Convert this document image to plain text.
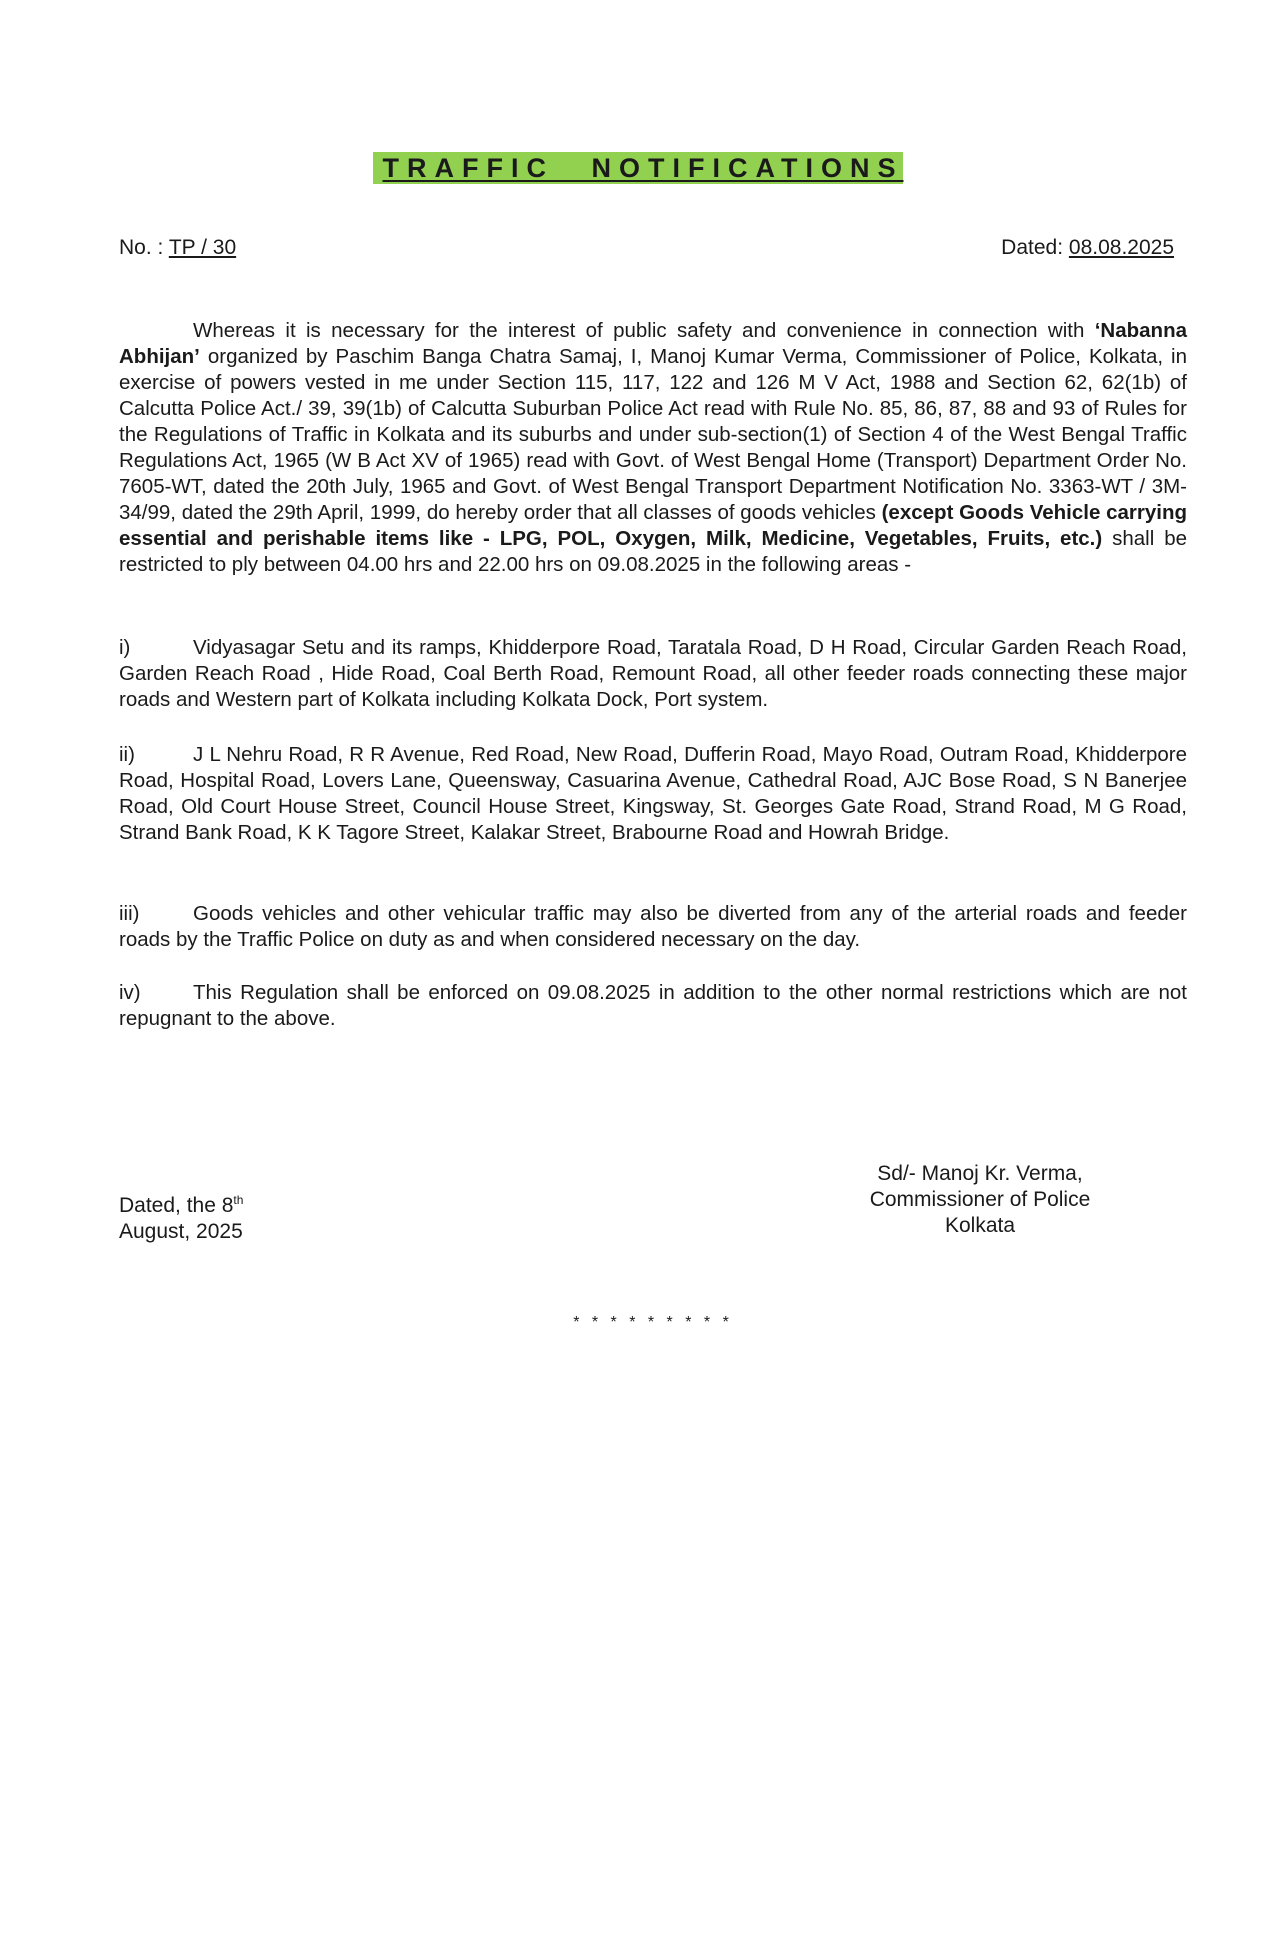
TRAFFIC NOTIFICATIONS
No. : TP / 30	Dated: 08.08.2025
Whereas it is necessary for the interest of public safety and convenience in connection with ‘Nabanna Abhijan’ organized by Paschim Banga Chatra Samaj, I, Manoj Kumar Verma, Commissioner of Police, Kolkata, in exercise of powers vested in me under Section 115, 117, 122 and 126 M V Act, 1988 and Section 62, 62(1b) of Calcutta Police Act./ 39, 39(1b) of Calcutta Suburban Police Act read with Rule No. 85, 86, 87, 88 and 93 of Rules for the Regulations of Traffic in Kolkata and its suburbs and under sub-section(1) of Section 4 of the West Bengal Traffic Regulations Act, 1965 (W B Act XV of 1965) read with Govt. of West Bengal Home (Transport) Department Order No. 7605-WT, dated the 20th July, 1965 and Govt. of West Bengal Transport Department Notification No. 3363-WT / 3M- 34/99, dated the 29th April, 1999, do hereby order that all classes of goods vehicles (except Goods Vehicle carrying essential and perishable items like - LPG, POL, Oxygen, Milk, Medicine, Vegetables, Fruits, etc.) shall be restricted to ply between 04.00 hrs and 22.00 hrs on 09.08.2025 in the following areas -
i)	Vidyasagar Setu and its ramps, Khidderpore Road, Taratala Road, D H Road, Circular Garden Reach Road, Garden Reach Road , Hide Road, Coal Berth Road, Remount Road, all other feeder roads connecting these major roads and Western part of Kolkata including Kolkata Dock, Port system.
ii)	J L Nehru Road, R R Avenue, Red Road, New Road, Dufferin Road, Mayo Road, Outram Road, Khidderpore Road, Hospital Road, Lovers Lane, Queensway, Casuarina Avenue, Cathedral Road, AJC Bose Road, S N Banerjee Road, Old Court House Street, Council House Street, Kingsway, St. Georges Gate Road, Strand Road, M G Road, Strand Bank Road, K K Tagore Street, Kalakar Street, Brabourne Road and Howrah Bridge.
iii)	Goods vehicles and other vehicular traffic may also be diverted from any of the arterial roads and feeder roads by the Traffic Police on duty as and when considered necessary on the day.
iv)	This Regulation shall be enforced on 09.08.2025 in addition to the other normal restrictions which are not repugnant to the above.
Dated, the 8th
August, 2025
Sd/- Manoj Kr. Verma,
Commissioner of Police
Kolkata
* * * * * * * * *
